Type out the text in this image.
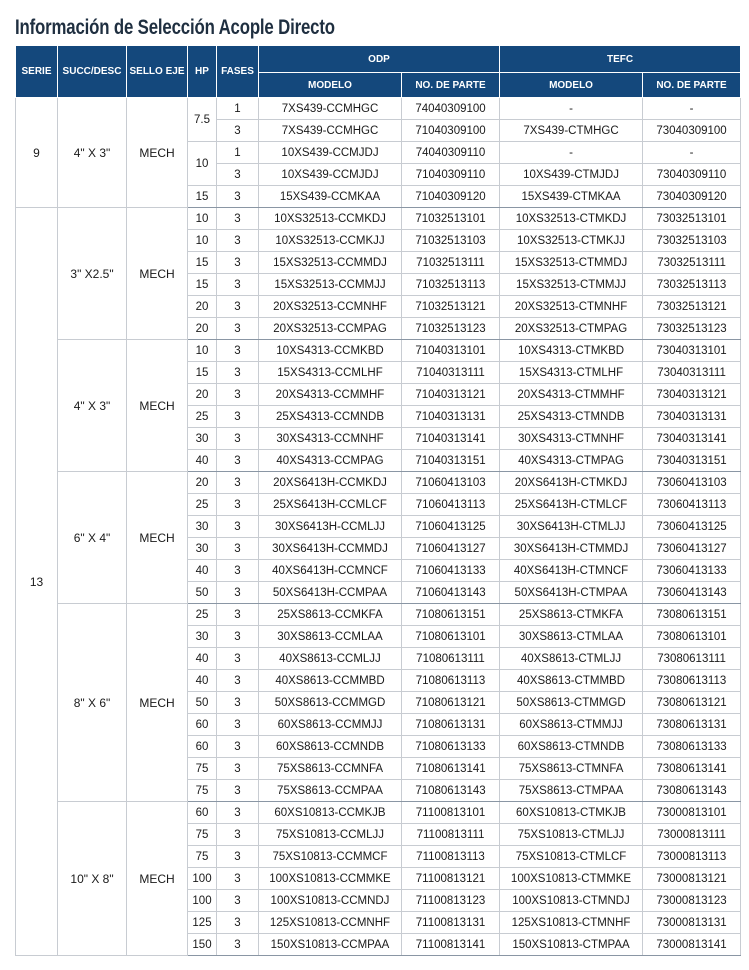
Información de Selección Acople Directo
SERIE	SUCC/DESC	SELLO EJE	HP	FASES	ODP		TEFC	
					MODELO	NO. DE PARTE	MODELO	NO. DE PARTE
9	4" X 3"	MECH	7.5	1	7XS439-CCMHGC	74040309100	-	-
				3	7XS439-CCMHGC	71040309100	7XS439-CTMHGC	73040309100
			10	1	10XS439-CCMJDJ	74040309110	-	-
				3	10XS439-CCMJDJ	71040309110	10XS439-CTMJDJ	73040309110
			15	3	15XS439-CCMKAA	71040309120	15XS439-CTMKAA	73040309120
13	3" X2.5"	MECH	10	3	10XS32513-CCMKDJ	71032513101	10XS32513-CTMKDJ	73032513101
			10	3	10XS32513-CCMKJJ	71032513103	10XS32513-CTMKJJ	73032513103
			15	3	15XS32513-CCMMDJ	71032513111	15XS32513-CTMMDJ	73032513111
			15	3	15XS32513-CCMMJJ	71032513113	15XS32513-CTMMJJ	73032513113
			20	3	20XS32513-CCMNHF	71032513121	20XS32513-CTMNHF	73032513121
			20	3	20XS32513-CCMPAG	71032513123	20XS32513-CTMPAG	73032513123
	4" X 3"	MECH	10	3	10XS4313-CCMKBD	71040313101	10XS4313-CTMKBD	73040313101
			15	3	15XS4313-CCMLHF	71040313111	15XS4313-CTMLHF	73040313111
			20	3	20XS4313-CCMMHF	71040313121	20XS4313-CTMMHF	73040313121
			25	3	25XS4313-CCMNDB	71040313131	25XS4313-CTMNDB	73040313131
			30	3	30XS4313-CCMNHF	71040313141	30XS4313-CTMNHF	73040313141
			40	3	40XS4313-CCMPAG	71040313151	40XS4313-CTMPAG	73040313151
	6" X 4"	MECH	20	3	20XS6413H-CCMKDJ	71060413103	20XS6413H-CTMKDJ	73060413103
			25	3	25XS6413H-CCMLCF	71060413113	25XS6413H-CTMLCF	73060413113
			30	3	30XS6413H-CCMLJJ	71060413125	30XS6413H-CTMLJJ	73060413125
			30	3	30XS6413H-CCMMDJ	71060413127	30XS6413H-CTMMDJ	73060413127
			40	3	40XS6413H-CCMNCF	71060413133	40XS6413H-CTMNCF	73060413133
			50	3	50XS6413H-CCMPAA	71060413143	50XS6413H-CTMPAA	73060413143
	8" X 6"	MECH	25	3	25XS8613-CCMKFA	71080613151	25XS8613-CTMKFA	73080613151
			30	3	30XS8613-CCMLAA	71080613101	30XS8613-CTMLAA	73080613101
			40	3	40XS8613-CCMLJJ	71080613111	40XS8613-CTMLJJ	73080613111
			40	3	40XS8613-CCMMBD	71080613113	40XS8613-CTMMBD	73080613113
			50	3	50XS8613-CCMMGD	71080613121	50XS8613-CTMMGD	73080613121
			60	3	60XS8613-CCMMJJ	71080613131	60XS8613-CTMMJJ	73080613131
			60	3	60XS8613-CCMNDB	71080613133	60XS8613-CTMNDB	73080613133
			75	3	75XS8613-CCMNFA	71080613141	75XS8613-CTMNFA	73080613141
			75	3	75XS8613-CCMPAA	71080613143	75XS8613-CTMPAA	73080613143
	10" X 8"	MECH	60	3	60XS10813-CCMKJB	71100813101	60XS10813-CTMKJB	73000813101
			75	3	75XS10813-CCMLJJ	71100813111	75XS10813-CTMLJJ	73000813111
			75	3	75XS10813-CCMMCF	71100813113	75XS10813-CTMLCF	73000813113
			100	3	100XS10813-CCMMKE	71100813121	100XS10813-CTMMKE	73000813121
			100	3	100XS10813-CCMNDJ	71100813123	100XS10813-CTMNDJ	73000813123
			125	3	125XS10813-CCMNHF	71100813131	125XS10813-CTMNHF	73000813131
			150	3	150XS10813-CCMPAA	71100813141	150XS10813-CTMPAA	73000813141
